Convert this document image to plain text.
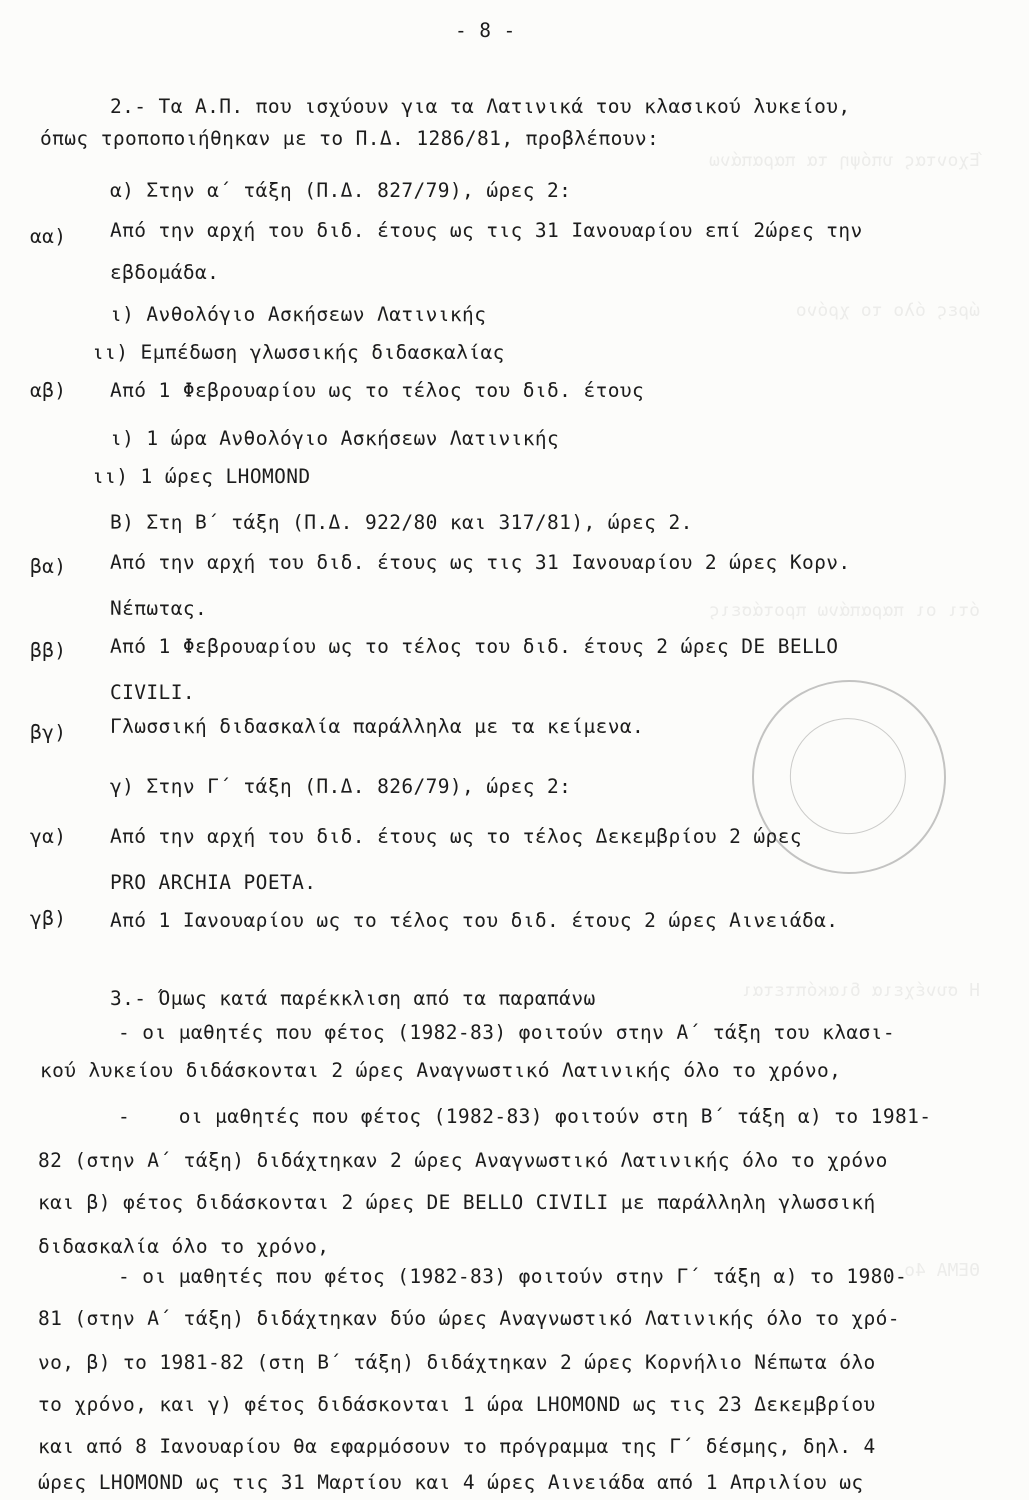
Έχοντας υπόψη τα παραπάνω
ώρες όλο το χρόνο
ότι οι παραπάνω προτάσεις
Η συνέχεια διακόπτεται
ΘΕΜΑ 4ο
- 8 -
2.- Τα Α.Π. που ισχύουν για τα Λατινικά του κλασικού λυκείου,
όπως τροποποιήθηκαν με το Π.Δ. 1286/81, προβλέπουν:
α) Στην α΄ τάξη (Π.Δ. 827/79), ώρες 2:
αα) Από την αρχή του διδ. έτους ως τις 31 Ιανουαρίου επί 2ώρες την
εβδομάδα.
ι) Ανθολόγιο Ασκήσεων Λατινικής
ιι) Εμπέδωση γλωσσικής διδασκαλίας
αβ) Από 1 Φεβρουαρίου ως το τέλος του διδ. έτους
ι) 1 ώρα Ανθολόγιο Ασκήσεων Λατινικής
ιι) 1 ώρες LHOMOND
Β) Στη Β΄ τάξη (Π.Δ. 922/80 και 317/81), ώρες 2.
βα) Από την αρχή του διδ. έτους ως τις 31 Ιανουαρίου 2 ώρες Κορν.
Νέπωτας.
ββ) Από 1 Φεβρουαρίου ως το τέλος του διδ. έτους 2 ώρες DE BELLO
CIVILI.
βγ) Γλωσσική διδασκαλία παράλληλα με τα κείμενα.
γ) Στην Γ΄ τάξη (Π.Δ. 826/79), ώρες 2:
γα) Από την αρχή του διδ. έτους ως το τέλος Δεκεμβρίου 2 ώρες
PRO ARCHIA POETA.
γβ) Από 1 Ιανουαρίου ως το τέλος του διδ. έτους 2 ώρες Αινειάδα.
3.- Όμως κατά παρέκκλιση από τα παραπάνω
- οι μαθητές που φέτος (1982-83) φοιτούν στην Α΄ τάξη του κλασι-
κού λυκείου διδάσκονται 2 ώρες Αναγνωστικό Λατινικής όλο το χρόνο,
-    οι μαθητές που φέτος (1982-83) φοιτούν στη Β΄ τάξη α) το 1981-
82 (στην Α΄ τάξη) διδάχτηκαν 2 ώρες Αναγνωστικό Λατινικής όλο το χρόνο
και β) φέτος διδάσκονται 2 ώρες DE BELLO CIVILI με παράλληλη γλωσσική
διδασκαλία όλο το χρόνο,
- οι μαθητές που φέτος (1982-83) φοιτούν στην Γ΄ τάξη α) το 1980-
81 (στην Α΄ τάξη) διδάχτηκαν δύο ώρες Αναγνωστικό Λατινικής όλο το χρό-
νο, β) το 1981-82 (στη Β΄ τάξη) διδάχτηκαν 2 ώρες Κορνήλιο Νέπωτα όλο
το χρόνο, και γ) φέτος διδάσκονται 1 ώρα LHOMOND ως τις 23 Δεκεμβρίου
και από 8 Ιανουαρίου θα εφαρμόσουν το πρόγραμμα της Γ΄ δέσμης, δηλ. 4
ώρες LHOMOND ως τις 31 Μαρτίου και 4 ώρες Αινειάδα από 1 Απριλίου ως
